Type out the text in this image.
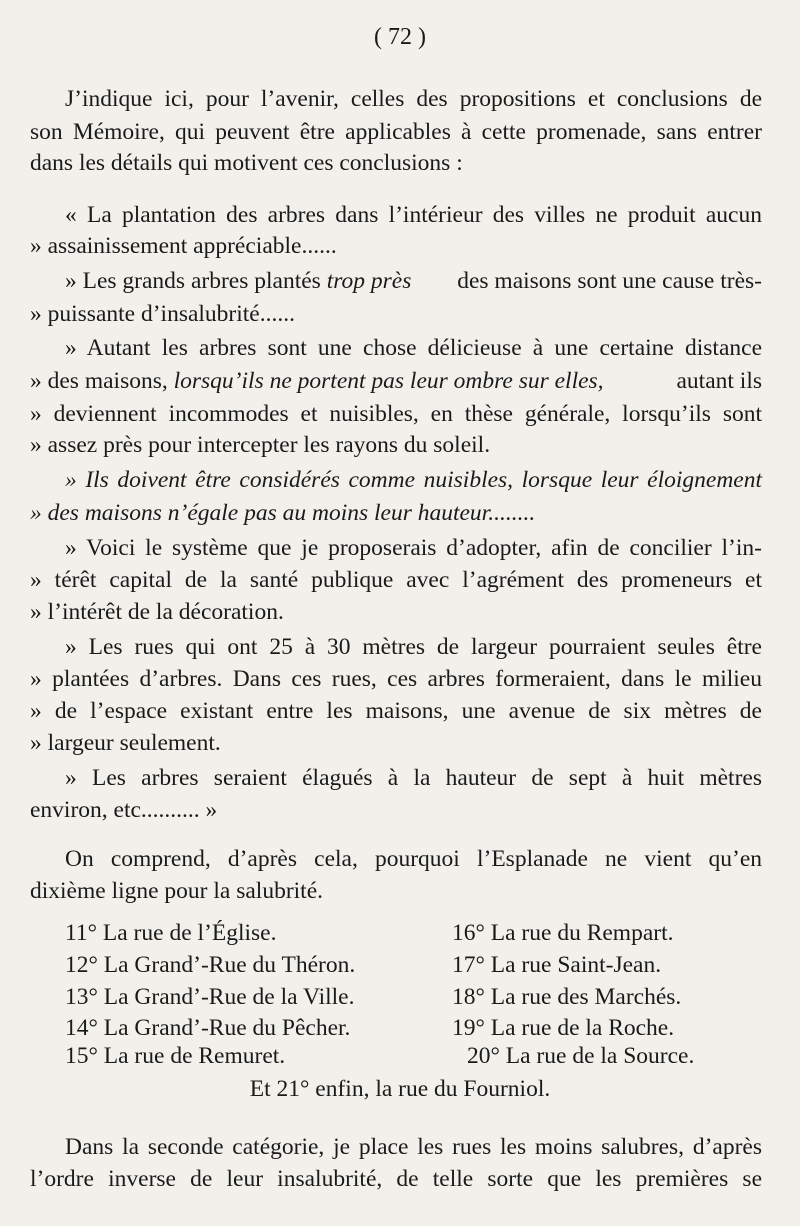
( 72 )
J’indique ici, pour l’avenir, celles des propositions et conclusions de
son Mémoire, qui peuvent être applicables à cette promenade, sans entrer
dans les détails qui motivent ces conclusions :
« La plantation des arbres dans l’intérieur des villes ne produit aucun
» assainissement appréciable......
» Les grands arbres plantés trop près des maisons sont une cause très-
» puissante d’insalubrité......
» Autant les arbres sont une chose délicieuse à une certaine distance
» des maisons, lorsqu’ils ne portent pas leur ombre sur elles,	autant ils
» deviennent incommodes et nuisibles, en thèse générale, lorsqu’ils sont
» assez près pour intercepter les rayons du soleil.
» Ils doivent être considérés comme nuisibles, lorsque leur éloignement
» des maisons n’égale pas au moins leur hauteur........
» Voici le système que je proposerais d’adopter, afin de concilier l’in-
» térêt capital de la santé publique avec l’agrément des promeneurs et
» l’intérêt de la décoration.
» Les rues qui ont 25 à 30 mètres de largeur pourraient seules être
» plantées d’arbres. Dans ces rues, ces arbres formeraient, dans le milieu
» de l’espace existant entre les maisons, une avenue de six mètres de
» largeur seulement.
» Les arbres seraient élagués à la hauteur de sept à huit mètres
environ, etc.......... »
On comprend, d’après cela, pourquoi l’Esplanade ne vient qu’en
dixième ligne pour la salubrité.
11° La rue de l’Église.
12° La Grand’-Rue du Théron.
13° La Grand’-Rue de la Ville.
14° La Grand’-Rue du Pêcher.
15° La rue de Remuret.
16° La rue du Rempart.
17° La rue Saint-Jean.
18° La rue des Marchés.
19° La rue de la Roche.
20° La rue de la Source.
Et 21° enfin, la rue du Fourniol.
Dans la seconde catégorie, je place les rues les moins salubres, d’après
l’ordre inverse de leur insalubrité, de telle sorte que les premières se
